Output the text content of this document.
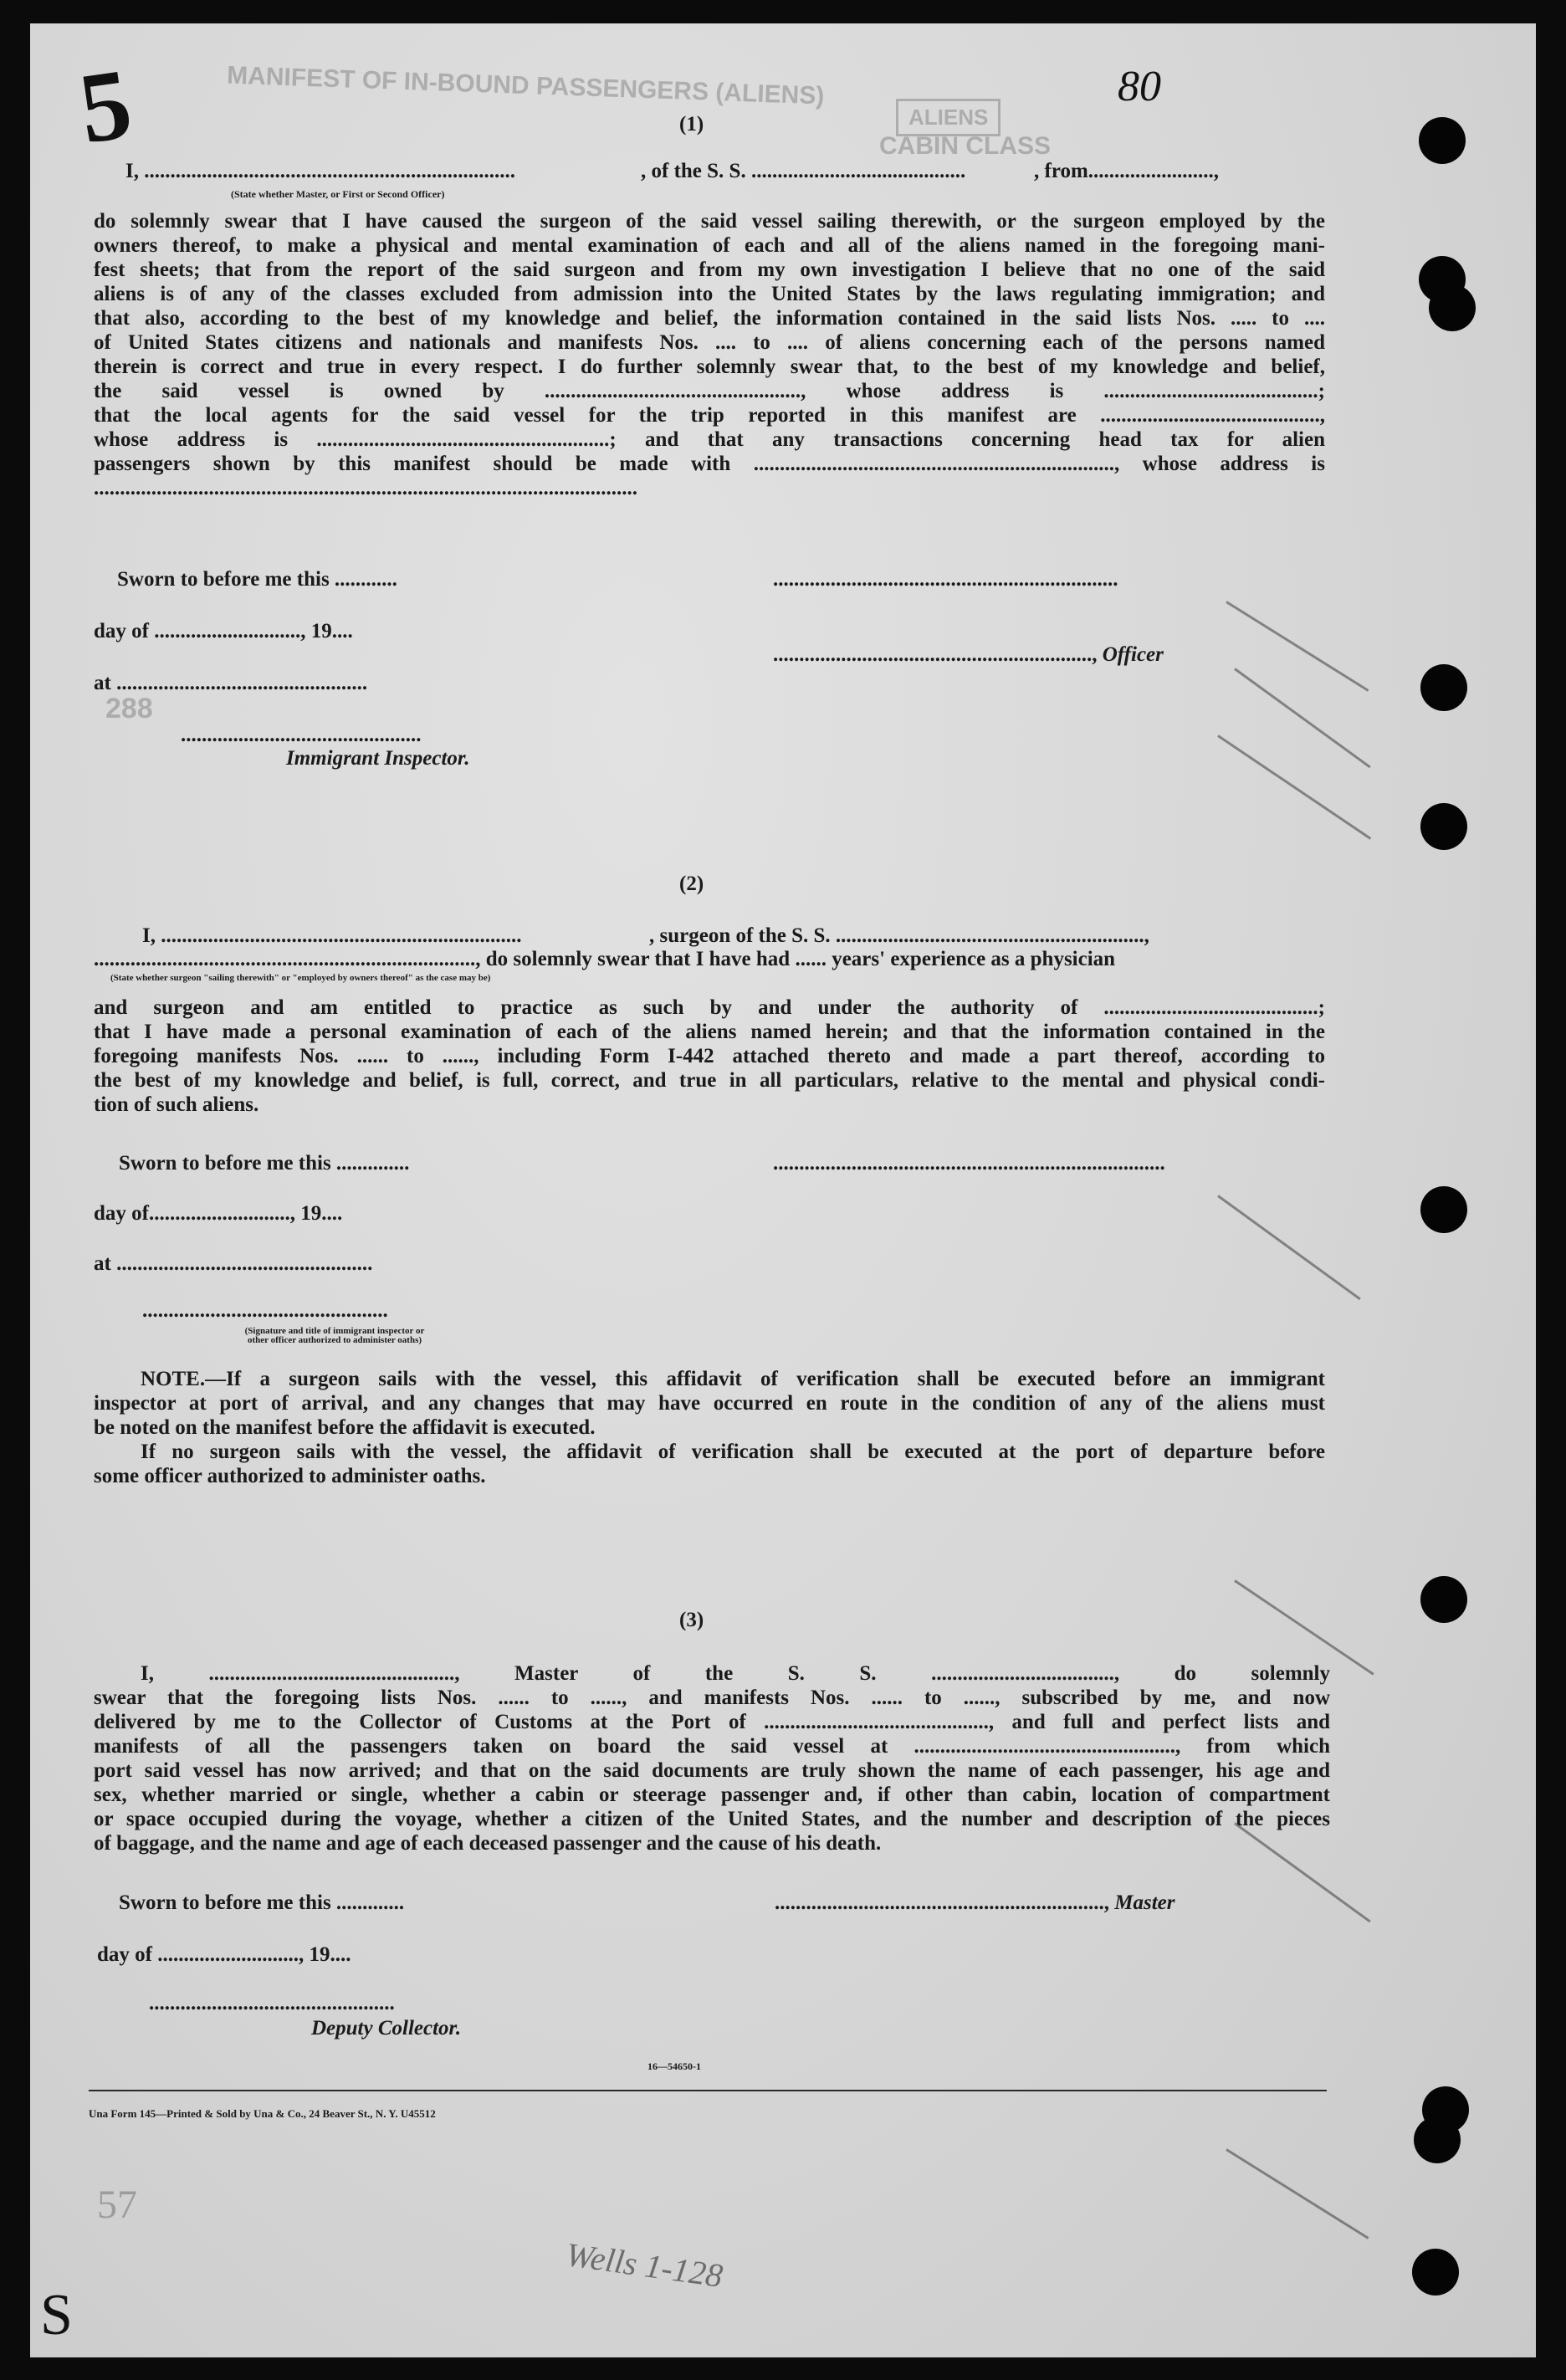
MANIFEST OF IN-BOUND PASSENGERS (ALIENS)
ALIENS
CABIN CLASS
5	80
(1)
I, .......................................................................	, of the S. S. .........................................	, from........................,
(State whether Master, or First or Second Officer)
do solemnly swear that I have caused the surgeon of the said vessel sailing therewith, or the surgeon employed by the
owners thereof, to make a physical and mental examination of each and all of the aliens named in the foregoing mani-
fest sheets; that from the report of the said surgeon and from my own investigation I believe that no one of the said
aliens is of any of the classes excluded from admission into the United States by the laws regulating immigration; and
that also, according to the best of my knowledge and belief, the information contained in the said lists Nos. ..... to ....
of United States citizens and nationals and manifests Nos. .... to .... of aliens concerning each of the persons named
therein is correct and true in every respect. I do further solemnly swear that, to the best of my knowledge and belief,
the said vessel is owned by ................................................., whose address is .........................................;
that the local agents for the said vessel for the trip reported in this manifest are ..........................................,
whose address is ........................................................; and that any transactions concerning head tax for alien
passengers shown by this manifest should be made with ....................................................................., whose address is
........................................................................................................
Sworn to before me this ............	..................................................................
day of ............................, 19....
............................................................., Officer
at ................................................
288
..............................................
Immigrant Inspector.
(2)
I, .....................................................................	, surgeon of the S. S. ...........................................................,
........................................................................., do solemnly swear that I have had ...... years' experience as a physician
(State whether surgeon "sailing therewith" or "employed by owners thereof" as the case may be)
and surgeon and am entitled to practice as such by and under the authority of .........................................;
that I have made a personal examination of each of the aliens named herein; and that the information contained in the
foregoing manifests Nos. ...... to ......, including Form I-442 attached thereto and made a part thereof, according to
the best of my knowledge and belief, is full, correct, and true in all particulars, relative to the mental and physical condi-
tion of such aliens.
Sworn to before me this ..............	...........................................................................
day of..........................., 19....
at .................................................
...............................................
(Signature and title of immigrant inspector or
other officer authorized to administer oaths)
NOTE.—If a surgeon sails with the vessel, this affidavit of verification shall be executed before an immigrant
inspector at port of arrival, and any changes that may have occurred en route in the condition of any of the aliens must
be noted on the manifest before the affidavit is executed.
If no surgeon sails with the vessel, the affidavit of verification shall be executed at the port of departure before
some officer authorized to administer oaths.
(3)
I, ..............................................., Master of the S. S. ..................................., do solemnly
swear that the foregoing lists Nos. ...... to ......, and manifests Nos. ...... to ......, subscribed by me, and now
delivered by me to the Collector of Customs at the Port of ..........................................., and full and perfect lists and
manifests of all the passengers taken on board the said vessel at .................................................., from which
port said vessel has now arrived; and that on the said documents are truly shown the name of each passenger, his age and
sex, whether married or single, whether a cabin or steerage passenger and, if other than cabin, location of compartment
or space occupied during the voyage, whether a citizen of the United States, and the number and description of the pieces
of baggage, and the name and age of each deceased passenger and the cause of his death.
Sworn to before me this .............	..............................................................., Master
day of ..........................., 19....
...............................................
Deputy Collector.
16—54650-1
Una Form 145—Printed & Sold by Una & Co., 24 Beaver St., N. Y. U45512
Wells 1-128
57
S
